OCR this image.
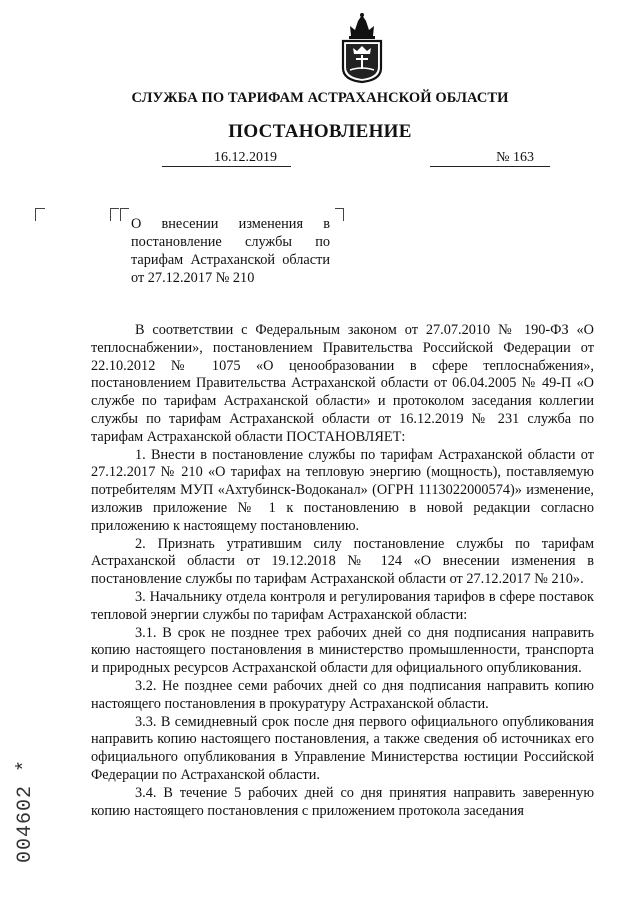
СЛУЖБА ПО ТАРИФАМ АСТРАХАНСКОЙ ОБЛАСТИ
ПОСТАНОВЛЕНИЕ
16.12.2019	№ 163
О внесении изменения в постановление службы по тарифам Астраханской области от 27.12.2017 № 210

В соответствии с Федеральным законом от 27.07.2010 № 190-ФЗ «О теплоснабжении», постановлением Правительства Российской Федерации от 22.10.2012 № 1075 «О ценообразовании в сфере теплоснабжения», постановлением Правительства Астраханской области от 06.04.2005 № 49-П «О службе по тарифам Астраханской области» и протоколом заседания коллегии службы по тарифам Астраханской области от 16.12.2019 № 231 служба по тарифам Астраханской области ПОСТАНОВЛЯЕТ:

1. Внести в постановление службы по тарифам Астраханской области от 27.12.2017 № 210 «О тарифах на тепловую энергию (мощность), поставляемую потребителям МУП «Ахтубинск-Водоканал» (ОГРН 1113022000574)» изменение, изложив приложение № 1 к постановлению в новой редакции согласно приложению к настоящему постановлению.

2. Признать утратившим силу постановление службы по тарифам Астраханской области от 19.12.2018 № 124 «О внесении изменения в постановление службы по тарифам Астраханской области от 27.12.2017 № 210».

3. Начальнику отдела контроля и регулирования тарифов в сфере поставок тепловой энергии службы по тарифам Астраханской области:

3.1. В срок не позднее трех рабочих дней со дня подписания направить копию настоящего постановления в министерство промышленности, транспорта и природных ресурсов Астраханской области для официального опубликования.

3.2. Не позднее семи рабочих дней со дня подписания направить копию настоящего постановления в прокуратуру Астраханской области.

3.3. В семидневный срок после дня первого официального опубликования направить копию настоящего постановления, а также сведения об источниках его официального опубликования в Управление Министерства юстиции Российской Федерации по Астраханской области.

3.4. В течение 5 рабочих дней со дня принятия направить заверенную копию настоящего постановления с приложением протокола заседания

004602 *
